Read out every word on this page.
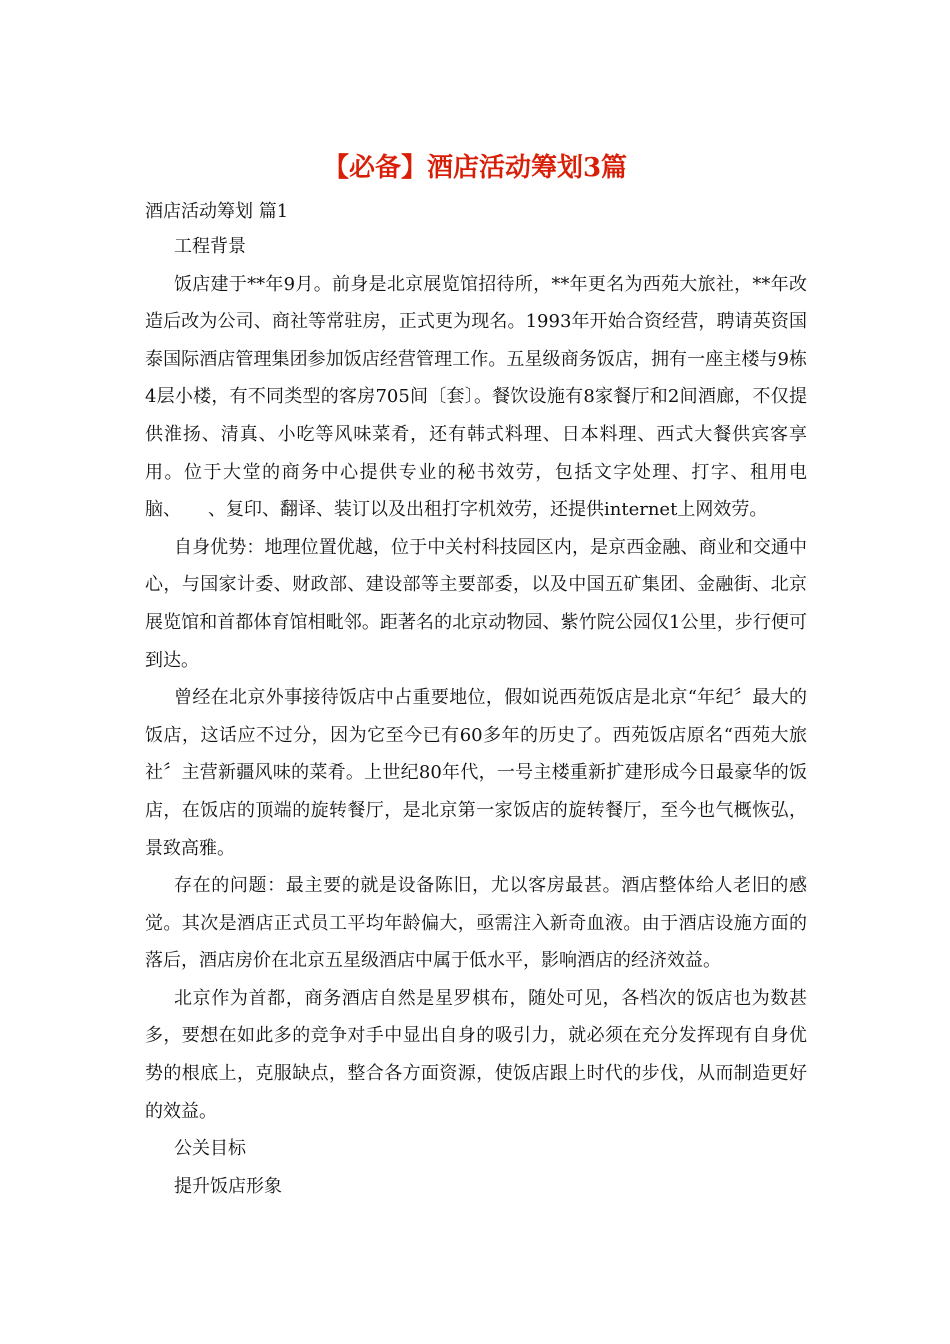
【必备】酒店活动筹划3篇

酒店活动筹划 篇1

工程背景

饭店建于**年9月。前身是北京展览馆招待所，**年更名为西苑大旅社，**年改造后改为公司、商社等常驻房，正式更为现名。1993年开始合资经营，聘请英资国泰国际酒店管理集团参加饭店经营管理工作。五星级商务饭店，拥有一座主楼与9栋4层小楼，有不同类型的客房705间〔套〕。餐饮设施有8家餐厅和2间酒廊，不仅提供淮扬、清真、小吃等风味菜肴，还有韩式料理、日本料理、西式大餐供宾客享用。位于大堂的商务中心提供专业的秘书效劳，包括文字处理、打字、租用电脑、　　、复印、翻译、装订以及出租打字机效劳，还提供internet上网效劳。

自身优势：地理位置优越，位于中关村科技园区内，是京西金融、商业和交通中心，与国家计委、财政部、建设部等主要部委，以及中国五矿集团、金融街、北京展览馆和首都体育馆相毗邻。距著名的北京动物园、紫竹院公园仅1公里，步行便可到达。

曾经在北京外事接待饭店中占重要地位，假如说西苑饭店是北京“年纪〞最大的饭店，这话应不过分，因为它至今已有60多年的历史了。西苑饭店原名“西苑大旅社〞主营新疆风味的菜肴。上世纪80年代，一号主楼重新扩建形成今日最豪华的饭店，在饭店的顶端的旋转餐厅，是北京第一家饭店的旋转餐厅，至今也气概恢弘，景致高雅。

存在的问题：最主要的就是设备陈旧，尤以客房最甚。酒店整体给人老旧的感觉。其次是酒店正式员工平均年龄偏大，亟需注入新奇血液。由于酒店设施方面的落后，酒店房价在北京五星级酒店中属于低水平，影响酒店的经济效益。

北京作为首都，商务酒店自然是星罗棋布，随处可见，各档次的饭店也为数甚多，要想在如此多的竞争对手中显出自身的吸引力，就必须在充分发挥现有自身优势的根底上，克服缺点，整合各方面资源，使饭店跟上时代的步伐，从而制造更好的效益。

公关目标

提升饭店形象
